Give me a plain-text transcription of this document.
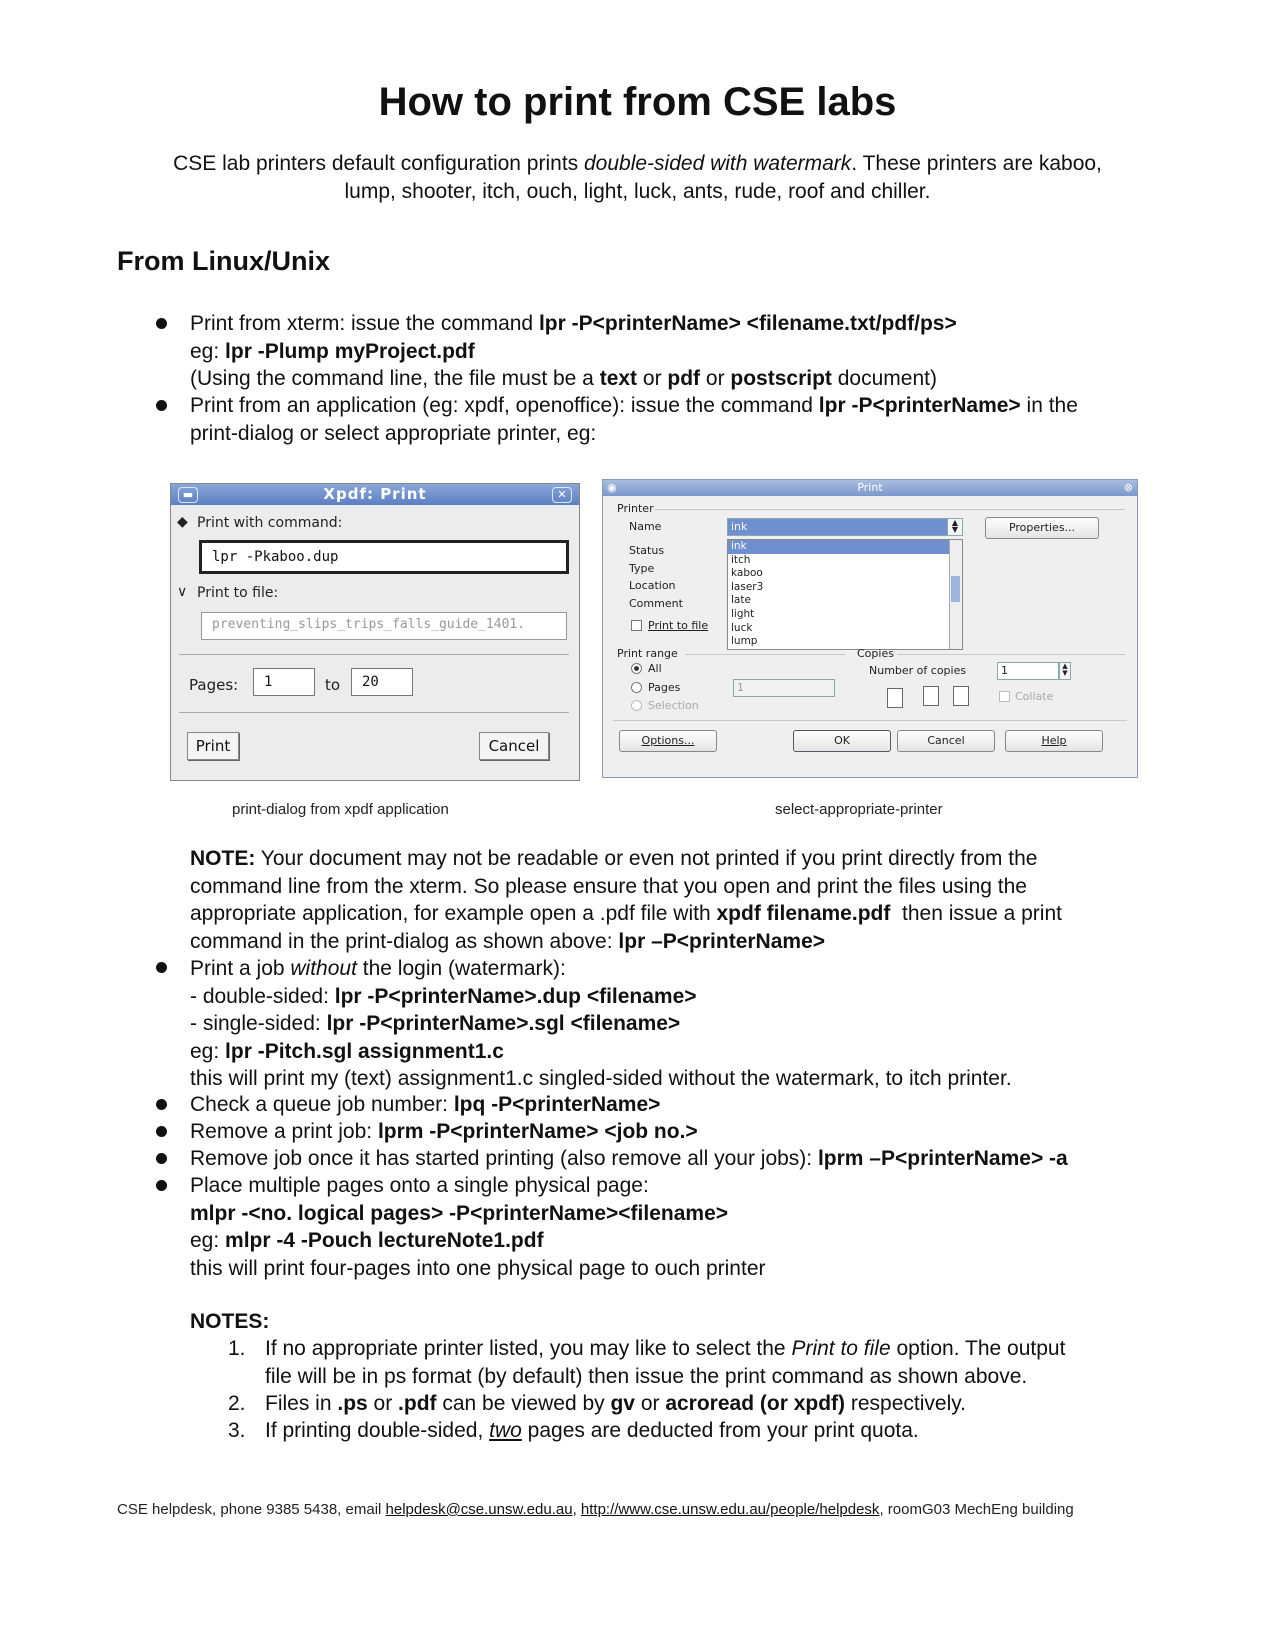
How to print from CSE labs
CSE lab printers default configuration prints double-sided with watermark. These printers are kaboo,
lump, shooter, itch, ouch, light, luck, ants, rude, roof and chiller.
From Linux/Unix
Print from xterm: issue the command lpr -P<printerName> <filename.txt/pdf/ps>
eg: lpr -Plump myProject.pdf
(Using the command line, the file must be a text or pdf or postscript document)
Print from an application (eg: xpdf, openoffice): issue the command lpr -P<printerName> in the
print-dialog or select appropriate printer, eg:
Xpdf: Print
▬	✕
◆ Print with command:
lpr -Pkaboo.dup
∨ Print to file:
preventing_slips_trips_falls_guide_1401.
Pages:	1	to	20
Print	Cancel
Print
◉	⊗
Printer
Name	ink	▲
▼	Properties...
Status
Type
Location
Comment
Print to file
ink
itch
kaboo
laser3
late
light
luck
lump
Print range
All
Pages	1
Selection
Copies
Number of copies	1	▲
▼
Collate
Options...	OK	Cancel	Help
print-dialog from xpdf application	select-appropriate-printer
NOTE: Your document may not be readable or even not printed if you print directly from the
command line from the xterm. So please ensure that you open and print the files using the
appropriate application, for example open a .pdf file with xpdf filename.pdf  then issue a print
command in the print-dialog as shown above: lpr –P<printerName>
Print a job without the login (watermark):
- double-sided: lpr -P<printerName>.dup <filename>
- single-sided: lpr -P<printerName>.sgl <filename>
eg: lpr -Pitch.sgl assignment1.c
this will print my (text) assignment1.c singled-sided without the watermark, to itch printer.
Check a queue job number: lpq -P<printerName>
Remove a print job: lprm -P<printerName> <job no.>
Remove job once it has started printing (also remove all your jobs): lprm –P<printerName> -a
Place multiple pages onto a single physical page:
mlpr -<no. logical pages> -P<printerName><filename>
eg: mlpr -4 -Pouch lectureNote1.pdf
this will print four-pages into one physical page to ouch printer
NOTES:
1. If no appropriate printer listed, you may like to select the Print to file option. The output
file will be in ps format (by default) then issue the print command as shown above.
2. Files in .ps or .pdf can be viewed by gv or acroread (or xpdf) respectively.
3. If printing double-sided, two pages are deducted from your print quota.
CSE helpdesk, phone 9385 5438, email helpdesk@cse.unsw.edu.au, http://www.cse.unsw.edu.au/people/helpdesk, roomG03 MechEng building
